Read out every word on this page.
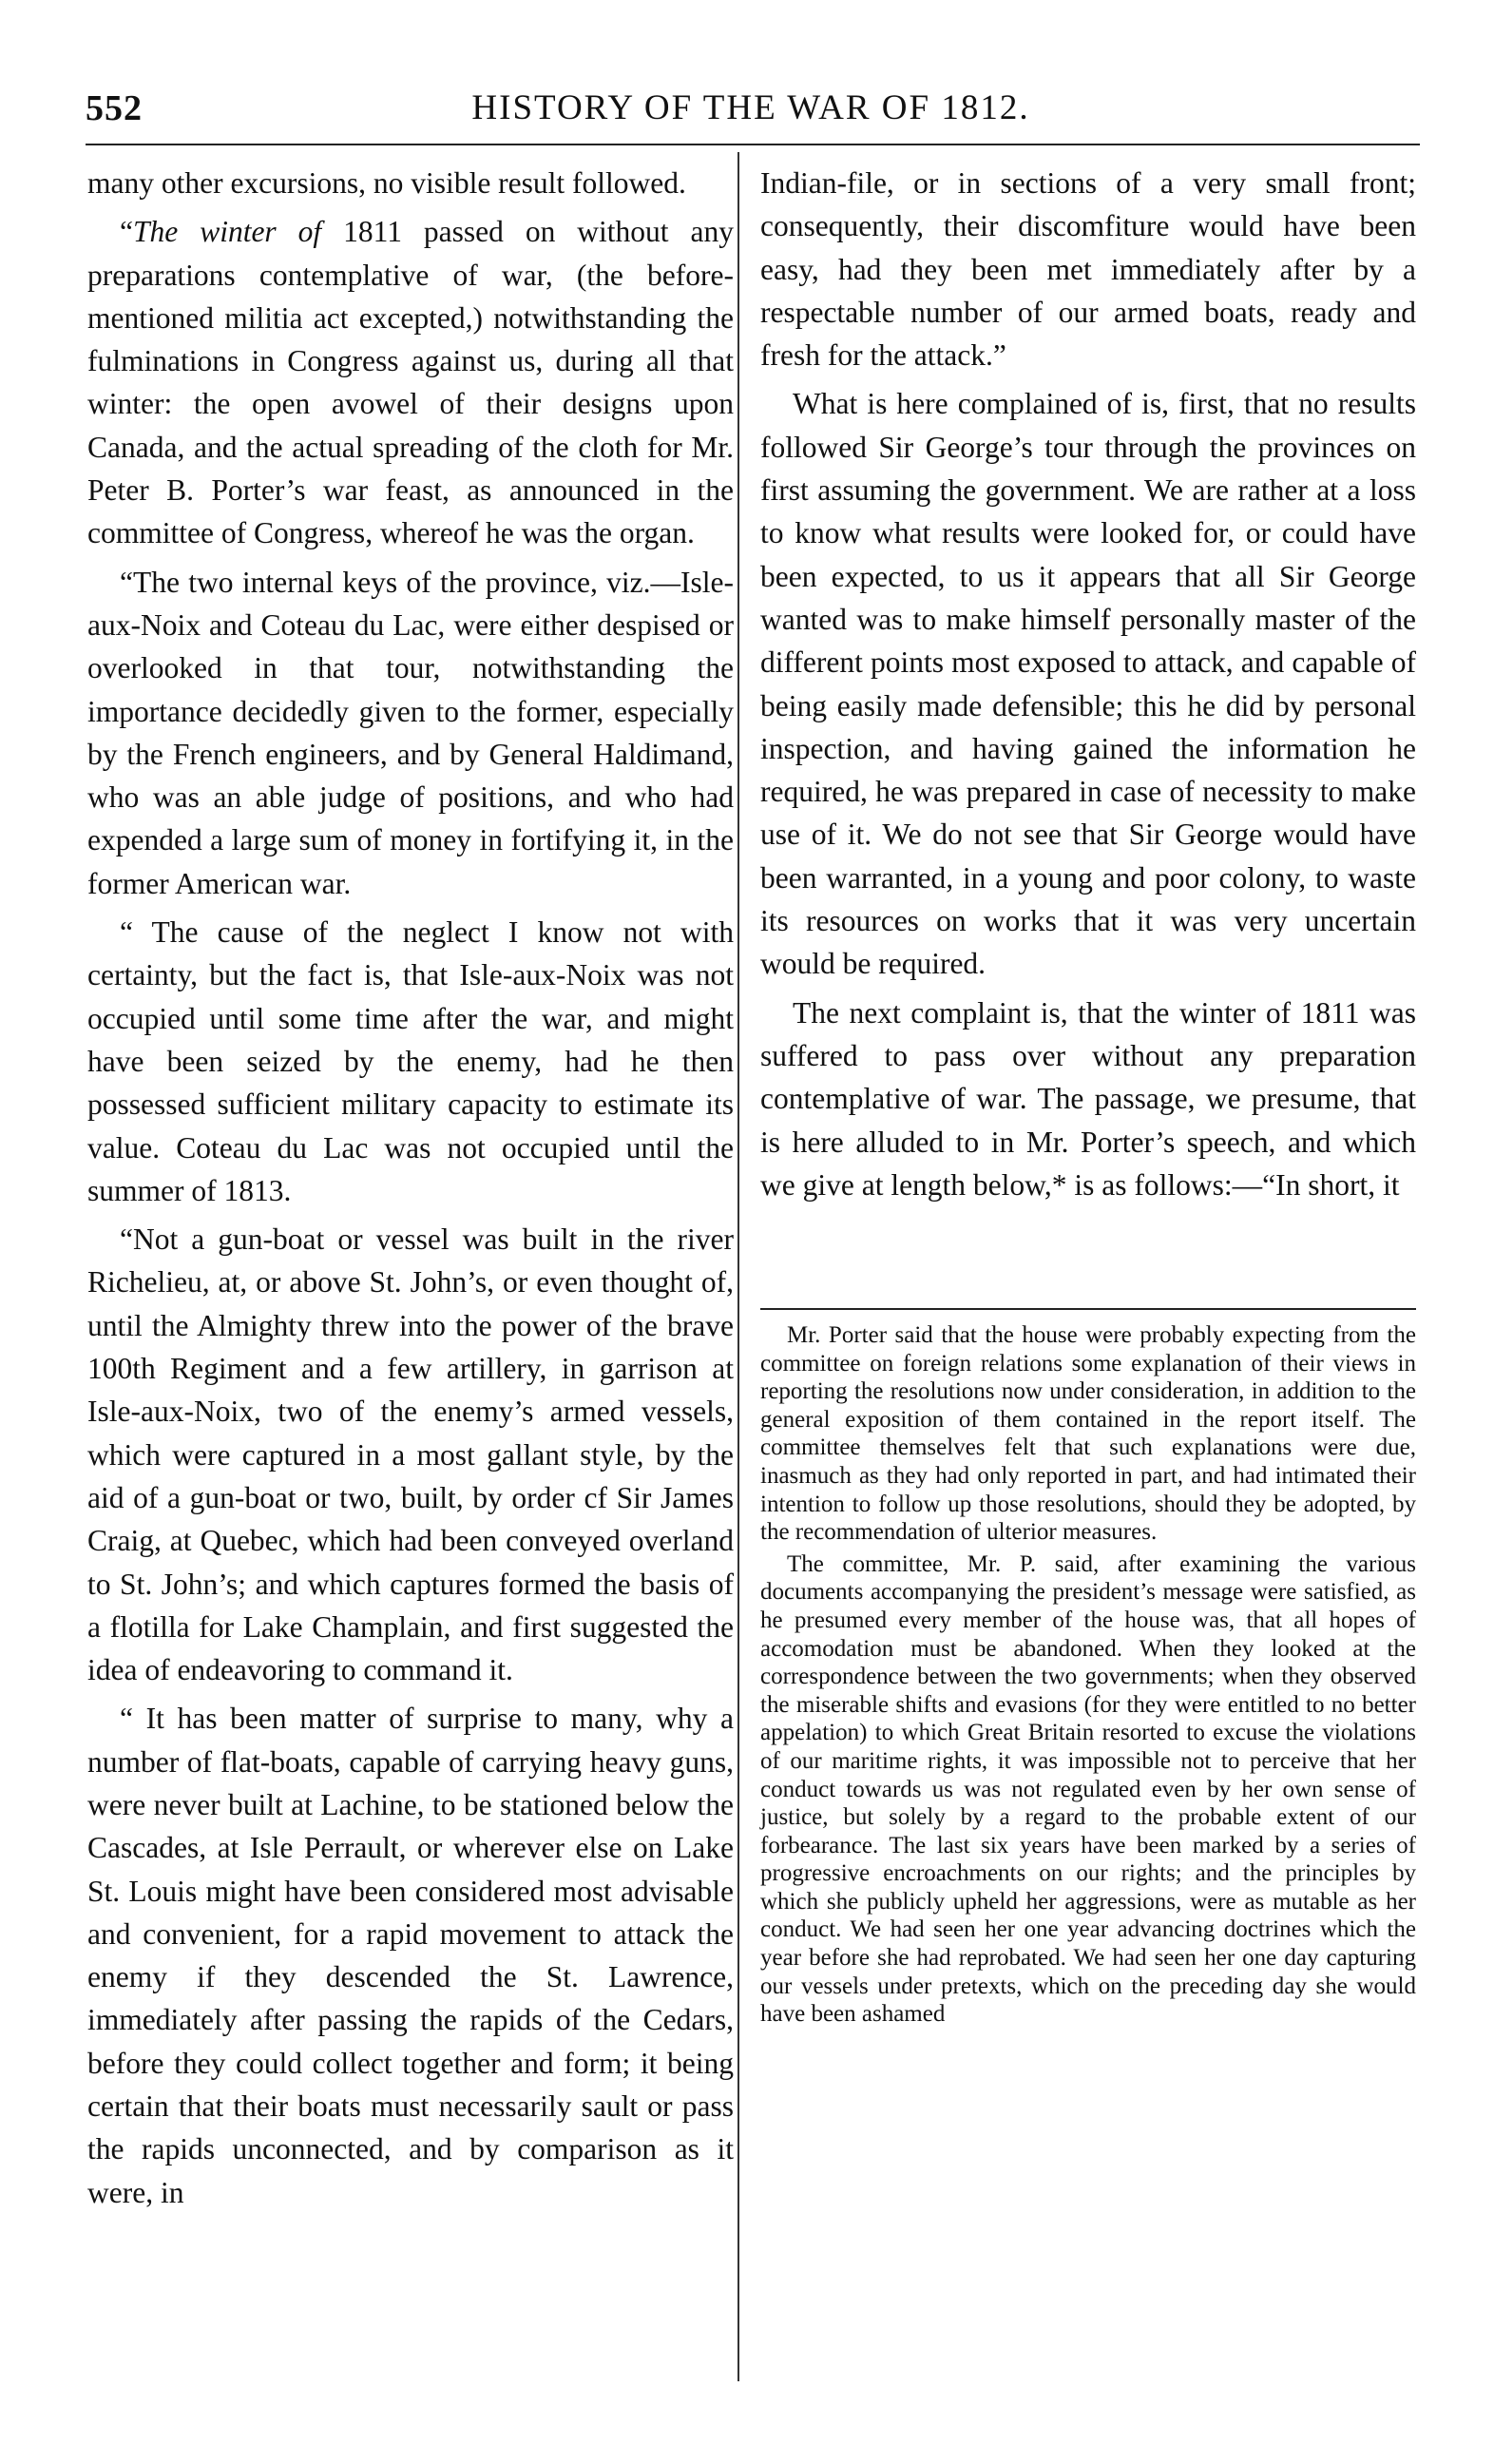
552	HISTORY OF THE WAR OF 1812.

many other excursions, no visible result followed.

“The winter of 1811 passed on without any preparations contemplative of war, (the before-mentioned militia act excepted,) notwithstanding the fulminations in Congress against us, during all that winter: the open avowel of their designs upon Canada, and the actual spreading of the cloth for Mr. Peter B. Porter’s war feast, as announced in the committee of Congress, whereof he was the organ.

“The two internal keys of the province, viz.—Isle-aux-Noix and Coteau du Lac, were either despised or overlooked in that tour, notwithstanding the importance decidedly given to the former, especially by the French engineers, and by General Haldimand, who was an able judge of positions, and who had expended a large sum of money in fortifying it, in the former American war.

“ The cause of the neglect I know not with certainty, but the fact is, that Isle-aux-Noix was not occupied until some time after the war, and might have been seized by the enemy, had he then possessed sufficient military capacity to estimate its value. Coteau du Lac was not occupied until the summer of 1813.

“Not a gun-boat or vessel was built in the river Richelieu, at, or above St. John’s, or even thought of, until the Almighty threw into the power of the brave 100th Regiment and a few artillery, in garrison at Isle-aux-Noix, two of the enemy’s armed vessels, which were captured in a most gallant style, by the aid of a gun-boat or two, built, by order cf Sir James Craig, at Quebec, which had been conveyed overland to St. John’s; and which captures formed the basis of a flotilla for Lake Champlain, and first suggested the idea of endeavoring to command it.

“ It has been matter of surprise to many, why a number of flat-boats, capable of carrying heavy guns, were never built at Lachine, to be stationed below the Cascades, at Isle Perrault, or wherever else on Lake St. Louis might have been considered most advisable and convenient, for a rapid movement to attack the enemy if they descended the St. Lawrence, immediately after passing the rapids of the Cedars, before they could collect together and form; it being certain that their boats must necessarily sault or pass the rapids unconnected, and by comparison as it were, in

Indian-file, or in sections of a very small front; consequently, their discomfiture would have been easy, had they been met immediately after by a respectable number of our armed boats, ready and fresh for the attack.”

What is here complained of is, first, that no results followed Sir George’s tour through the provinces on first assuming the government. We are rather at a loss to know what results were looked for, or could have been expected, to us it appears that all Sir George wanted was to make himself personally master of the different points most exposed to attack, and capable of being easily made defensible; this he did by personal inspection, and having gained the information he required, he was prepared in case of necessity to make use of it. We do not see that Sir George would have been warranted, in a young and poor colony, to waste its resources on works that it was very uncertain would be required.

The next complaint is, that the winter of 1811 was suffered to pass over without any preparation contemplative of war. The passage, we presume, that is here alluded to in Mr. Porter’s speech, and which we give at length below,* is as follows:—“In short, it

Mr. Porter said that the house were probably expecting from the committee on foreign relations some explanation of their views in reporting the resolutions now under consideration, in addition to the general exposition of them contained in the report itself. The committee themselves felt that such explanations were due, inasmuch as they had only reported in part, and had intimated their intention to follow up those resolutions, should they be adopted, by the recommendation of ulterior measures.

The committee, Mr. P. said, after examining the various documents accompanying the president’s message were satisfied, as he presumed every member of the house was, that all hopes of accomodation must be abandoned. When they looked at the correspondence between the two governments; when they observed the miserable shifts and evasions (for they were entitled to no better appelation) to which Great Britain resorted to excuse the violations of our maritime rights, it was impossible not to perceive that her conduct towards us was not regulated even by her own sense of justice, but solely by a regard to the probable extent of our forbearance. The last six years have been marked by a series of progressive encroachments on our rights; and the principles by which she publicly upheld her aggressions, were as mutable as her conduct. We had seen her one year advancing doctrines which the year before she had reprobated. We had seen her one day capturing our vessels under pretexts, which on the preceding day she would have been ashamed
